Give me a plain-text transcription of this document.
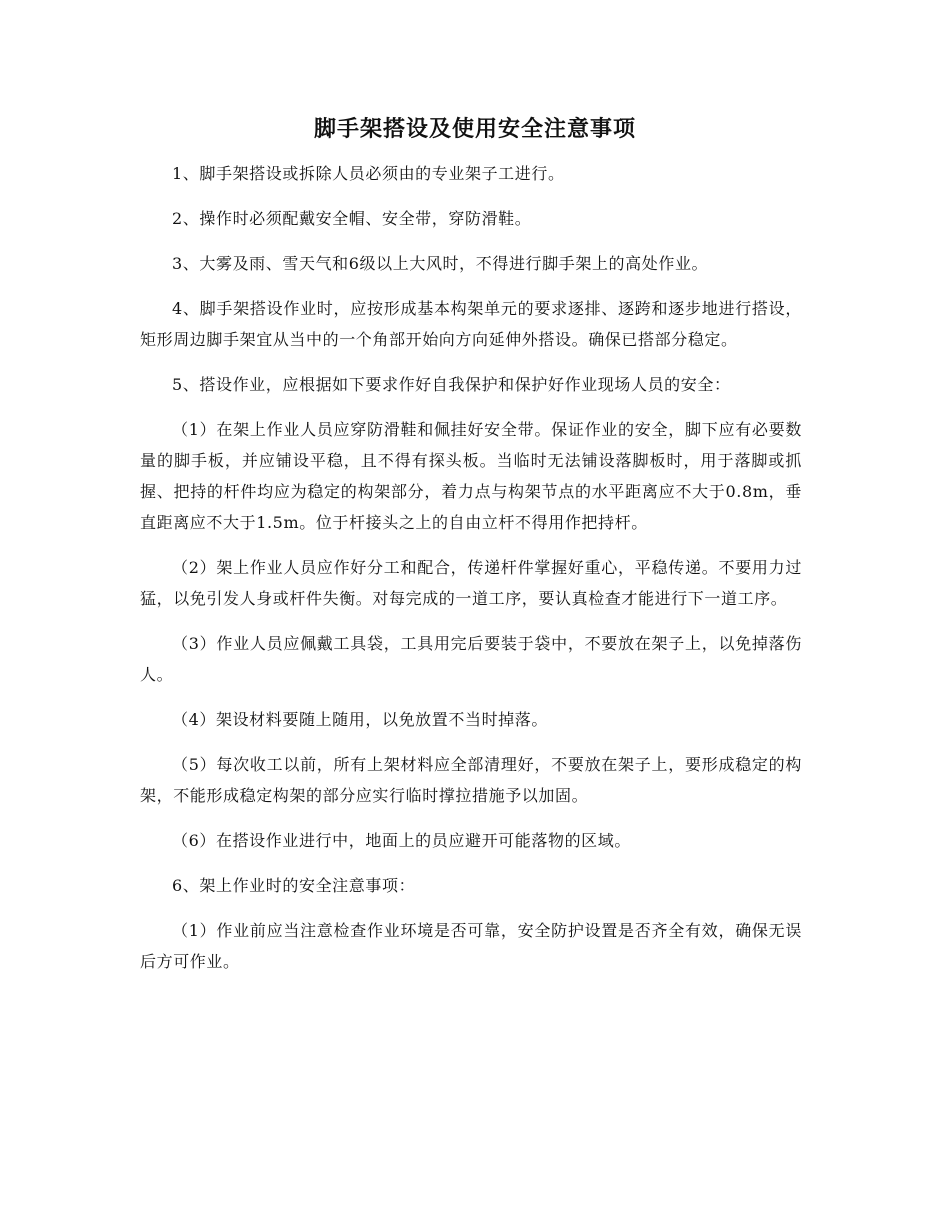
脚手架搭设及使用安全注意事项

1、脚手架搭设或拆除人员必须由的专业架子工进行。

2、操作时必须配戴安全帽、安全带，穿防滑鞋。

3、大雾及雨、雪天气和6级以上大风时，不得进行脚手架上的高处作业。

4、脚手架搭设作业时，应按形成基本构架单元的要求逐排、逐跨和逐步地进行搭设，矩形周边脚手架宜从当中的一个角部开始向方向延伸外搭设。确保已搭部分稳定。

5、搭设作业，应根据如下要求作好自我保护和保护好作业现场人员的安全：

（1）在架上作业人员应穿防滑鞋和佩挂好安全带。保证作业的安全，脚下应有必要数量的脚手板，并应铺设平稳，且不得有探头板。当临时无法铺设落脚板时，用于落脚或抓握、把持的杆件均应为稳定的构架部分，着力点与构架节点的水平距离应不大于0.8m，垂直距离应不大于1.5m。位于杆接头之上的自由立杆不得用作把持杆。

（2）架上作业人员应作好分工和配合，传递杆件掌握好重心，平稳传递。不要用力过猛，以免引发人身或杆件失衡。对每完成的一道工序，要认真检查才能进行下一道工序。

（3）作业人员应佩戴工具袋，工具用完后要装于袋中，不要放在架子上，以免掉落伤人。

（4）架设材料要随上随用，以免放置不当时掉落。

（5）每次收工以前，所有上架材料应全部清理好，不要放在架子上，要形成稳定的构架，不能形成稳定构架的部分应实行临时撑拉措施予以加固。

（6）在搭设作业进行中，地面上的员应避开可能落物的区域。

6、架上作业时的安全注意事项：

（1）作业前应当注意检查作业环境是否可靠，安全防护设置是否齐全有效，确保无误后方可作业。
